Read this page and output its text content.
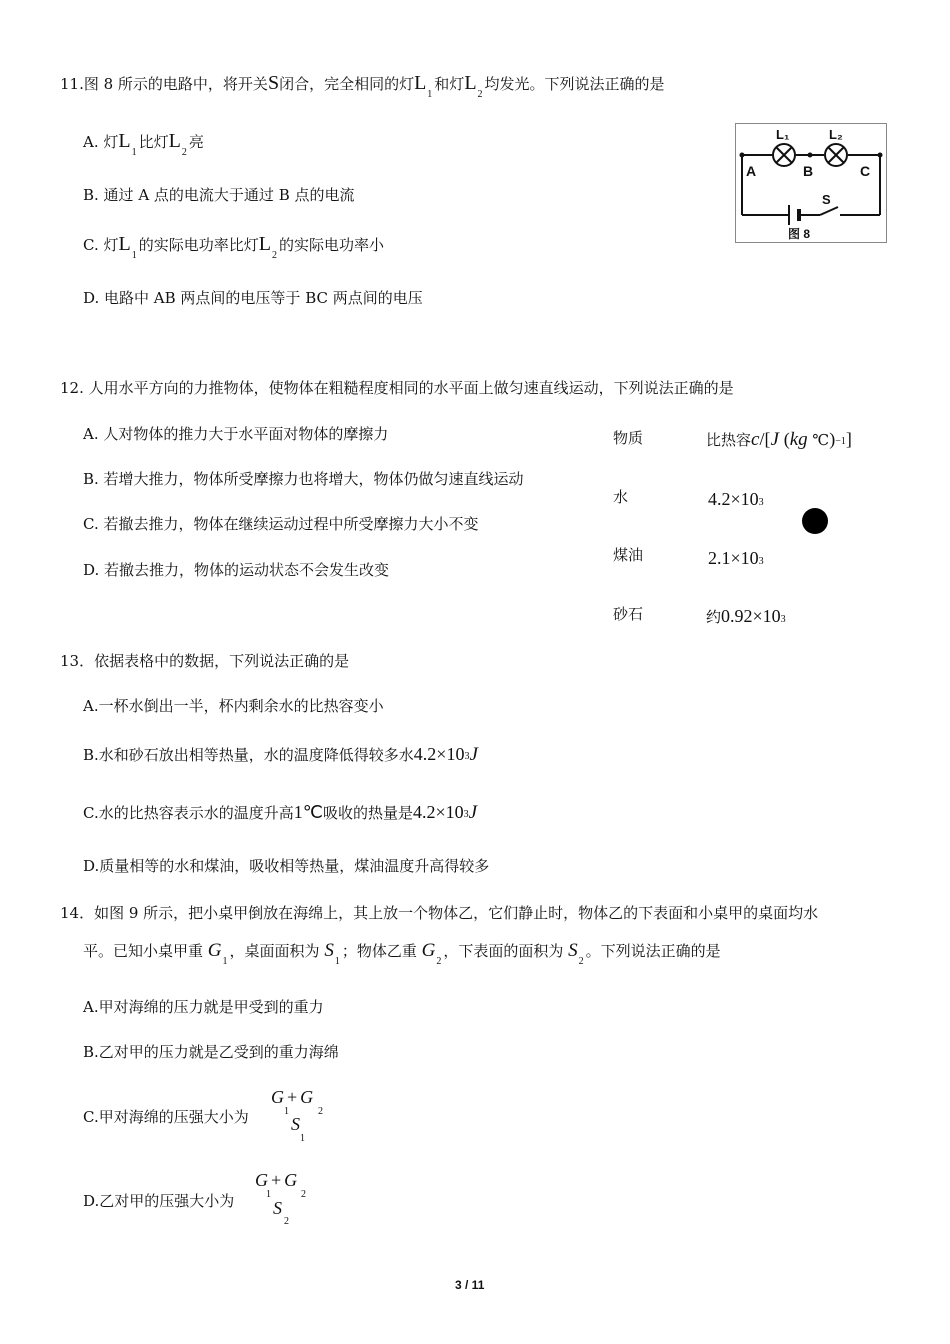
11.图 8 所示的电路中，将开关S闭合，完全相同的灯$L_1$和灯$L_2$均发光。下列说法正确的是
A. 灯$L_1$比灯$L_2$亮
B. 通过 A 点的电流大于通过 B 点的电流
C. 灯$L_1$的实际电功率比灯$L_2$的实际电功率小
D. 电路中 AB 两点间的电压等于 BC 两点间的电压
L₁	L₂
A	B	C
S
图 8
12. 人用水平方向的力推物体，使物体在粗糙程度相同的水平面上做匀速直线运动，下列说法正确的是
A. 人对物体的推力大于水平面对物体的摩擦力
B. 若增大推力，物体所受摩擦力也将增大，物体仍做匀速直线运动
C. 若撤去推力，物体在继续运动过程中所受摩擦力大小不变
D. 若撤去推力，物体的运动状态不会发生改变
物质	比热容c/[J (kg ℃)−1]
水	4.2×103
煤油	2.1×103
砂石	约0.92×103
13．依据表格中的数据，下列说法正确的是
A.一杯水倒出一半，杯内剩余水的比热容变小
B.水和砂石放出相等热量，水的温度降低得较多水4.2×103J
C.水的比热容表示水的温度升高1℃吸收的热量是4.2×103J
D.质量相等的水和煤油，吸收相等热量，煤油温度升高得较多
14．如图 9 所示，把小桌甲倒放在海绵上，其上放一个物体乙，它们静止时，物体乙的下表面和小桌甲的桌面均水
平。已知小桌甲重 $G_1$，桌面面积为 $S_1$；物体乙重 $G_2$，下表面的面积为 $S_2$。下列说法正确的是
A.甲对海绵的压力就是甲受到的重力
B.乙对甲的压力就是乙受到的重力海绵
C.甲对海绵的压强大小为
G + G
1	2
S
1
D.乙对甲的压强大小为
G + G
1	2
S
2
3 / 11
